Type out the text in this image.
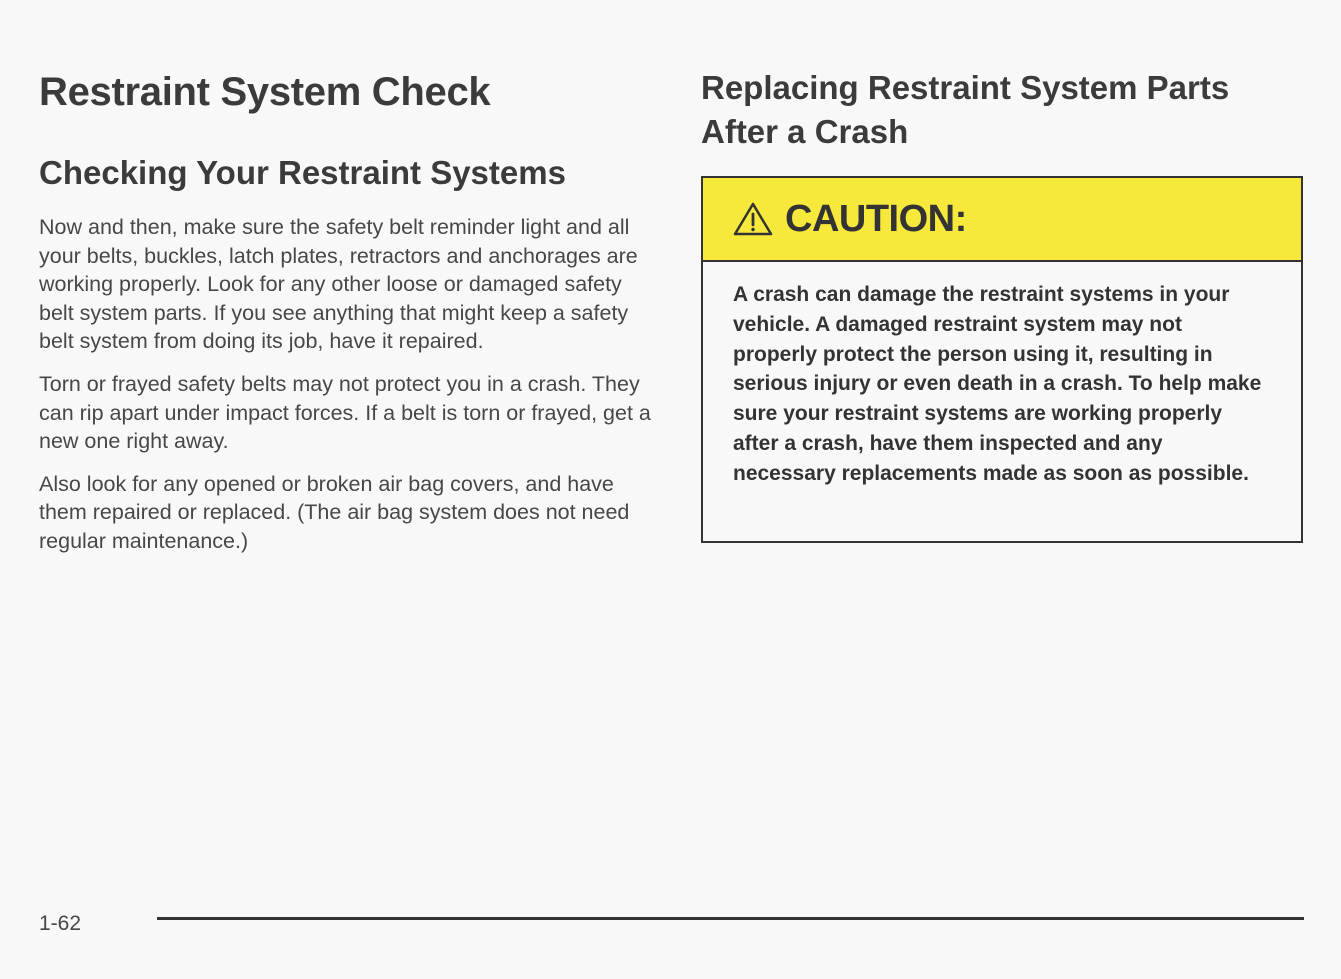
Restraint System Check
Checking Your Restraint Systems

Now and then, make sure the safety belt reminder light and all your belts, buckles, latch plates, retractors and anchorages are working properly. Look for any other loose or damaged safety belt system parts. If you see anything that might keep a safety belt system from doing its job, have it repaired.

Torn or frayed safety belts may not protect you in a crash. They can rip apart under impact forces. If a belt is torn or frayed, get a new one right away.

Also look for any opened or broken air bag covers, and have them repaired or replaced. (The air bag system does not need regular maintenance.)

Replacing Restraint System Parts After a Crash
CAUTION:
A crash can damage the restraint systems in your vehicle. A damaged restraint system may not properly protect the person using it, resulting in serious injury or even death in a crash. To help make sure your restraint systems are working properly after a crash, have them inspected and any necessary replacements made as soon as possible.
1-62
